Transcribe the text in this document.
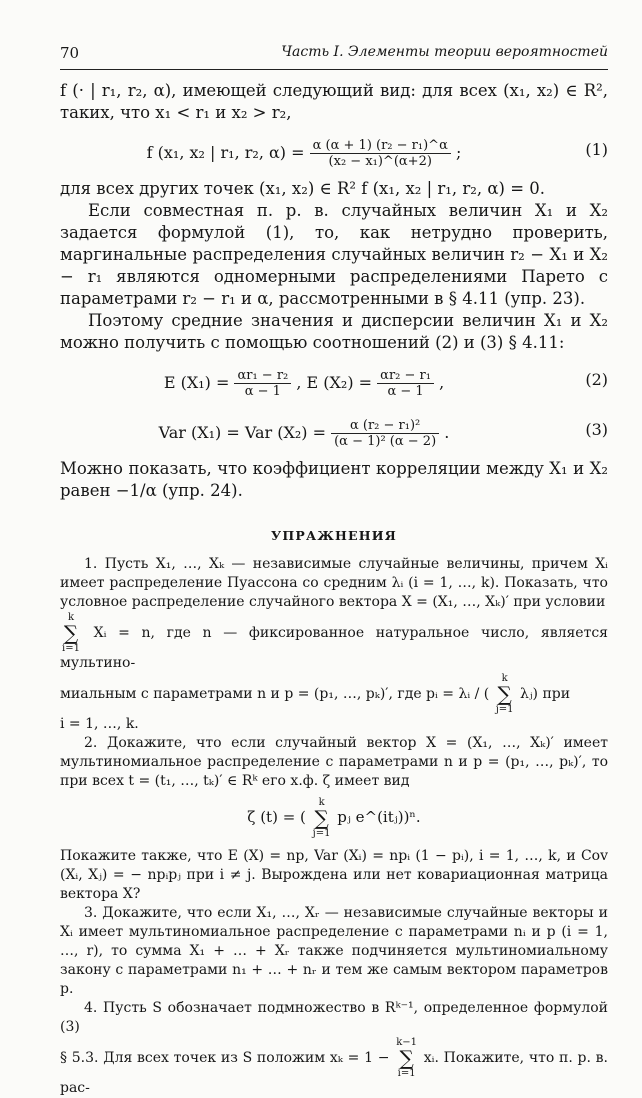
70	Часть I. Элементы теории вероятностей

f (· | r₁, r₂, α), имеющей следующий вид: для всех (x₁, x₂) ∈ R², таких, что x₁ < r₁ и x₂ > r₂,

f (x₁, x₂ | r₁, r₂, $\alpha) = \frac{\text{α (α + 1) (r₂ − r₁)\textasciicircum{}α}}{\text{(x₂ − x₁)\textasciicircum{}(α+2)}}$ ;	(1)

для всех других точек (x₁, x₂) ∈ R² f (x₁, x₂ | r₁, r₂, α) = 0.

Если совместная п. р. в. случайных величин X₁ и X₂ задается формулой (1), то, как нетрудно проверить, маргинальные распределения случайных величин r₂ − X₁ и X₂ − r₁ являются одномерными распределениями Парето с параметрами r₂ − r₁ и α, рассмотренными в § 4.11 (упр. 23).

Поэтому средние значения и дисперсии величин X₁ и X₂ можно получить с помощью соотношений (2) и (3) § 4.11:

E $(X_1) = \frac{\text{αr₁ − r₂}}{\alpha - 1}$ , E $(X_2) = \frac{\text{αr₂ − r₁}}{\alpha - 1}$ ,	(2)
Var (X₁) = Var $(X_2) = \frac{\text{α (r₂ − r₁)²}}{\text{(α − 1)² (α − 2)}}$ .	(3)

Можно показать, что коэффициент корреляции между X₁ и X₂ равен −1/α (упр. 24).

УПРАЖНЕНИЯ

1. Пусть X₁, …, Xₖ — независимые случайные величины, причем Xᵢ имеет распределение Пуассона со средним λᵢ (i = 1, …, k). Показать, что условное распределение случайного вектора X = (X₁, …, Xₖ)′ при условии

k
∑
i=1 Xᵢ = n, где n — фиксированное натуральное число, является мультино-

миальным с параметрами n и p = (p₁, …, pₖ)′, где pᵢ = λᵢ / ( k
∑
j=1 λⱼ) при

i = 1, …, k.

2. Докажите, что если случайный вектор X = (X₁, …, Xₖ)′ имеет мультиномиальное распределение с параметрами n и p = (p₁, …, pₖ)′, то при всех t = (t₁, …, tₖ)′ ∈ Rᵏ его х.ф. ζ имеет вид

ζ (t) = ( k
∑
j=1 pⱼ e^(itⱼ))ⁿ.

Покажите также, что E (X) = np, Var (Xᵢ) = npᵢ (1 − pᵢ), i = 1, …, k, и Cov (Xᵢ, Xⱼ) = − npᵢpⱼ при i ≠ j. Вырождена или нет ковариационная матрица вектора X?

3. Докажите, что если X₁, …, Xᵣ — независимые случайные векторы и Xᵢ имеет мультиномиальное распределение с параметрами nᵢ и p (i = 1, …, r), то сумма X₁ + … + Xᵣ также подчиняется мультиномиальному закону с параметрами n₁ + … + nᵣ и тем же самым вектором параметров p.

4. Пусть S обозначает подмножество в Rᵏ⁻¹, определенное формулой (3)

§ 5.3. Для всех точек из S положим xₖ = 1 − k−1
∑
i=1 xᵢ. Покажите, что п. р. в. рас-
